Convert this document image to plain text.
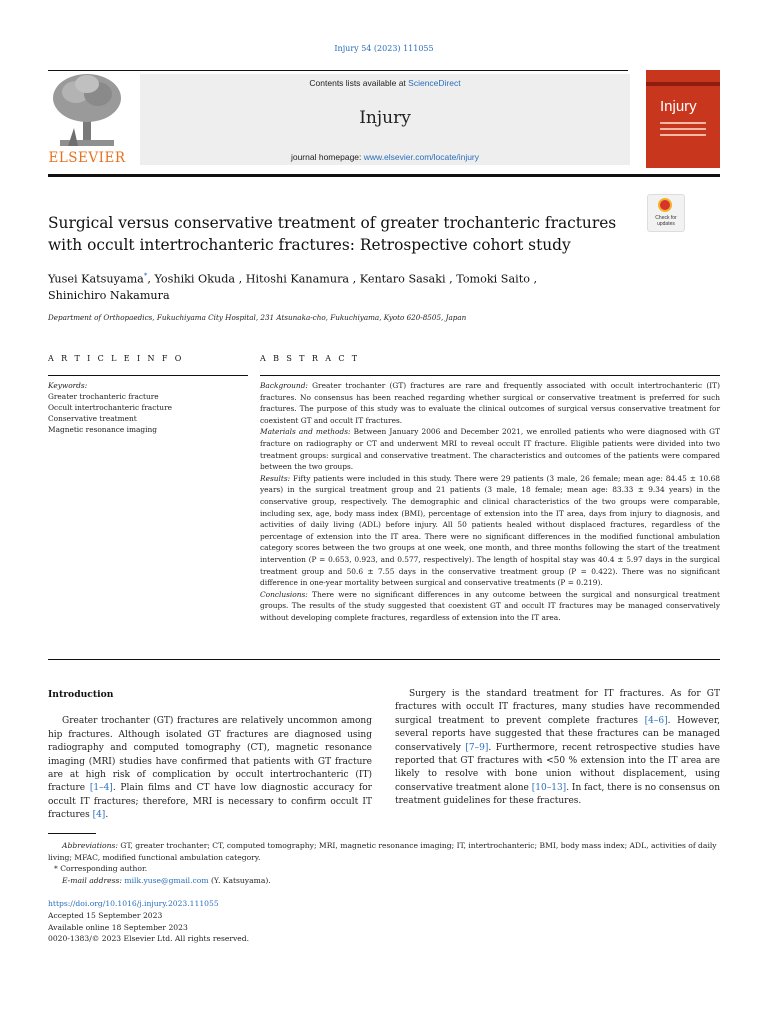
Injury 54 (2023) 111055
ELSEVIER
Contents lists available at ScienceDirect
Injury
journal homepage: www.elsevier.com/locate/injury
Injury
Surgical versus conservative treatment of greater trochanteric fractures
with occult intertrochanteric fractures: Retrospective cohort study
Check for
updates
Yusei Katsuyama*, Yoshiki Okuda , Hitoshi Kanamura , Kentaro Sasaki , Tomoki Saito ,
Shinichiro Nakamura
Department of Orthopaedics, Fukuchiyama City Hospital, 231 Atsunaka-cho, Fukuchiyama, Kyoto 620-8505, Japan
A R T I C L E I N F O	A B S T R A C T
Keywords:
Greater trochanteric fracture
Occult intertrochanteric fracture
Conservative treatment
Magnetic resonance imaging

Background: Greater trochanter (GT) fractures are rare and frequently associated with occult intertrochanteric (IT) fractures. No consensus has been reached regarding whether surgical or conservative treatment is preferred for such fractures. The purpose of this study was to evaluate the clinical outcomes of surgical versus conservative treatment for coexistent GT and occult IT fractures.

Materials and methods: Between January 2006 and December 2021, we enrolled patients who were diagnosed with GT fracture on radiography or CT and underwent MRI to reveal occult IT fracture. Eligible patients were divided into two treatment groups: surgical and conservative treatment. The characteristics and outcomes of the patients were compared between the two groups.

Results: Fifty patients were included in this study. There were 29 patients (3 male, 26 female; mean age: 84.45 ± 10.68 years) in the surgical treatment group and 21 patients (3 male, 18 female; mean age: 83.33 ± 9.34 years) in the conservative group, respectively. The demographic and clinical characteristics of the two groups were comparable, including sex, age, body mass index (BMI), percentage of extension into the IT area, days from injury to diagnosis, and activities of daily living (ADL) before injury. All 50 patients healed without displaced fractures, regardless of the percentage of extension into the IT area. There were no significant differences in the modified functional ambulation category scores between the two groups at one week, one month, and three months following the start of the treatment intervention (P = 0.653, 0.923, and 0.577, respectively). The length of hospital stay was 40.4 ± 5.97 days in the surgical treatment group and 50.6 ± 7.55 days in the conservative treatment group (P = 0.422). There was no significant difference in one-year mortality between surgical and conservative treatments (P = 0.219).

Conclusions: There were no significant differences in any outcome between the surgical and nonsurgical treatment groups. The results of the study suggested that coexistent GT and occult IT fractures may be managed conservatively without developing complete fractures, regardless of extension into the IT area.

Introduction

Greater trochanter (GT) fractures are relatively uncommon among hip fractures. Although isolated GT fractures are diagnosed using radiography and computed tomography (CT), magnetic resonance imaging (MRI) studies have confirmed that patients with GT fracture are at high risk of complication by occult intertrochanteric (IT) fracture [1–4]. Plain films and CT have low diagnostic accuracy for occult IT fractures; therefore, MRI is necessary to confirm occult IT fractures [4].

Surgery is the standard treatment for IT fractures. As for GT fractures with occult IT fractures, many studies have recommended surgical treatment to prevent complete fractures [4–6]. However, several reports have suggested that these fractures can be managed conservatively [7–9]. Furthermore, recent retrospective studies have reported that GT fractures with <50 % extension into the IT area are likely to resolve with bone union without displacement, using conservative treatment alone [10–13]. In fact, there is no consensus on treatment guidelines for these fractures.

Abbreviations: GT, greater trochanter; CT, computed tomography; MRI, magnetic resonance imaging; IT, intertrochanteric; BMI, body mass index; ADL, activities of daily living; MFAC, modified functional ambulation category.

* Corresponding author.

E-mail address: milk.yuse@gmail.com (Y. Katsuyama).

https://doi.org/10.1016/j.injury.2023.111055
Accepted 15 September 2023
Available online 18 September 2023
0020-1383/© 2023 Elsevier Ltd. All rights reserved.
